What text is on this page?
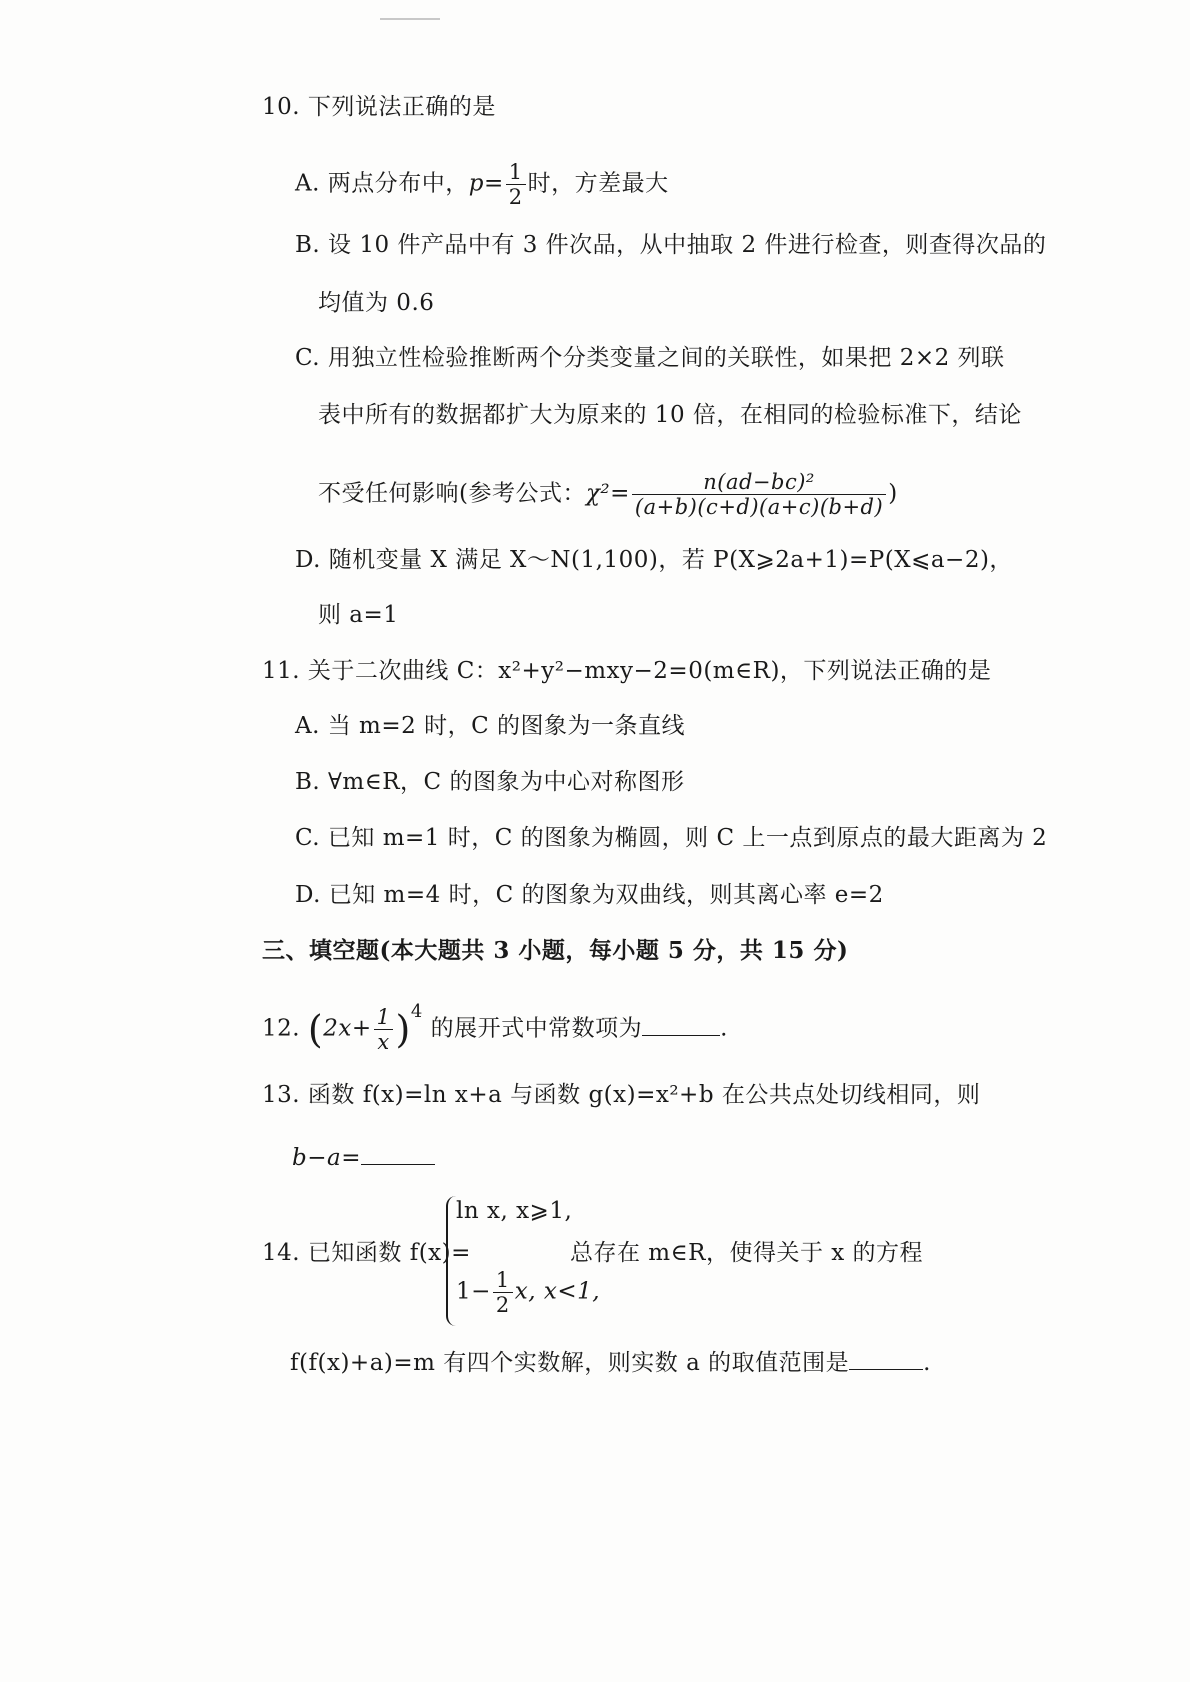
10. 下列说法正确的是
A. 两点分布中，$p= \frac{1}{2}$ 时，方差最大
B. 设 10 件产品中有 3 件次品，从中抽取 2 件进行检查，则查得次品的
均值为 0.6
C. 用独立性检验推断两个分类变量之间的关联性，如果把 2×2 列联
表中所有的数据都扩大为原来的 10 倍，在相同的检验标准下，结论
不受任何影响(参考公式：$\chi^2= \frac{\text{n(ad−bc)²}}{(a+b)(c+d)(a+c)(b+d)}$ )
D. 随机变量 X 满足 X～N(1,100)，若 P(X⩾2a+1)=P(X⩽a−2)，
则 a=1
11. 关于二次曲线 C：x²+y²−mxy−2=0(m∈R)，下列说法正确的是
A. 当 m=2 时，C 的图象为一条直线
B. ∀m∈R，C 的图象为中心对称图形
C. 已知 m=1 时，C 的图象为椭圆，则 C 上一点到原点的最大距离为 2
D. 已知 m=4 时，C 的图象为双曲线，则其离心率 e=2
三、填空题(本大题共 3 小题，每小题 5 分，共 15 分)
12. $(2x+ \frac{1}{x} )^4$ 的展开式中常数项为	.
13. 函数 f(x)=ln x+a 与函数 g(x)=x²+b 在公共点处切线相同，则
b−a=
14. 已知函数 f(x)=
ln x, x⩾1,
$1- \frac{1}{2} x$, x<1,
总存在 m∈R，使得关于 x 的方程
f(f(x)+a)=m 有四个实数解，则实数 a 的取值范围是	.
